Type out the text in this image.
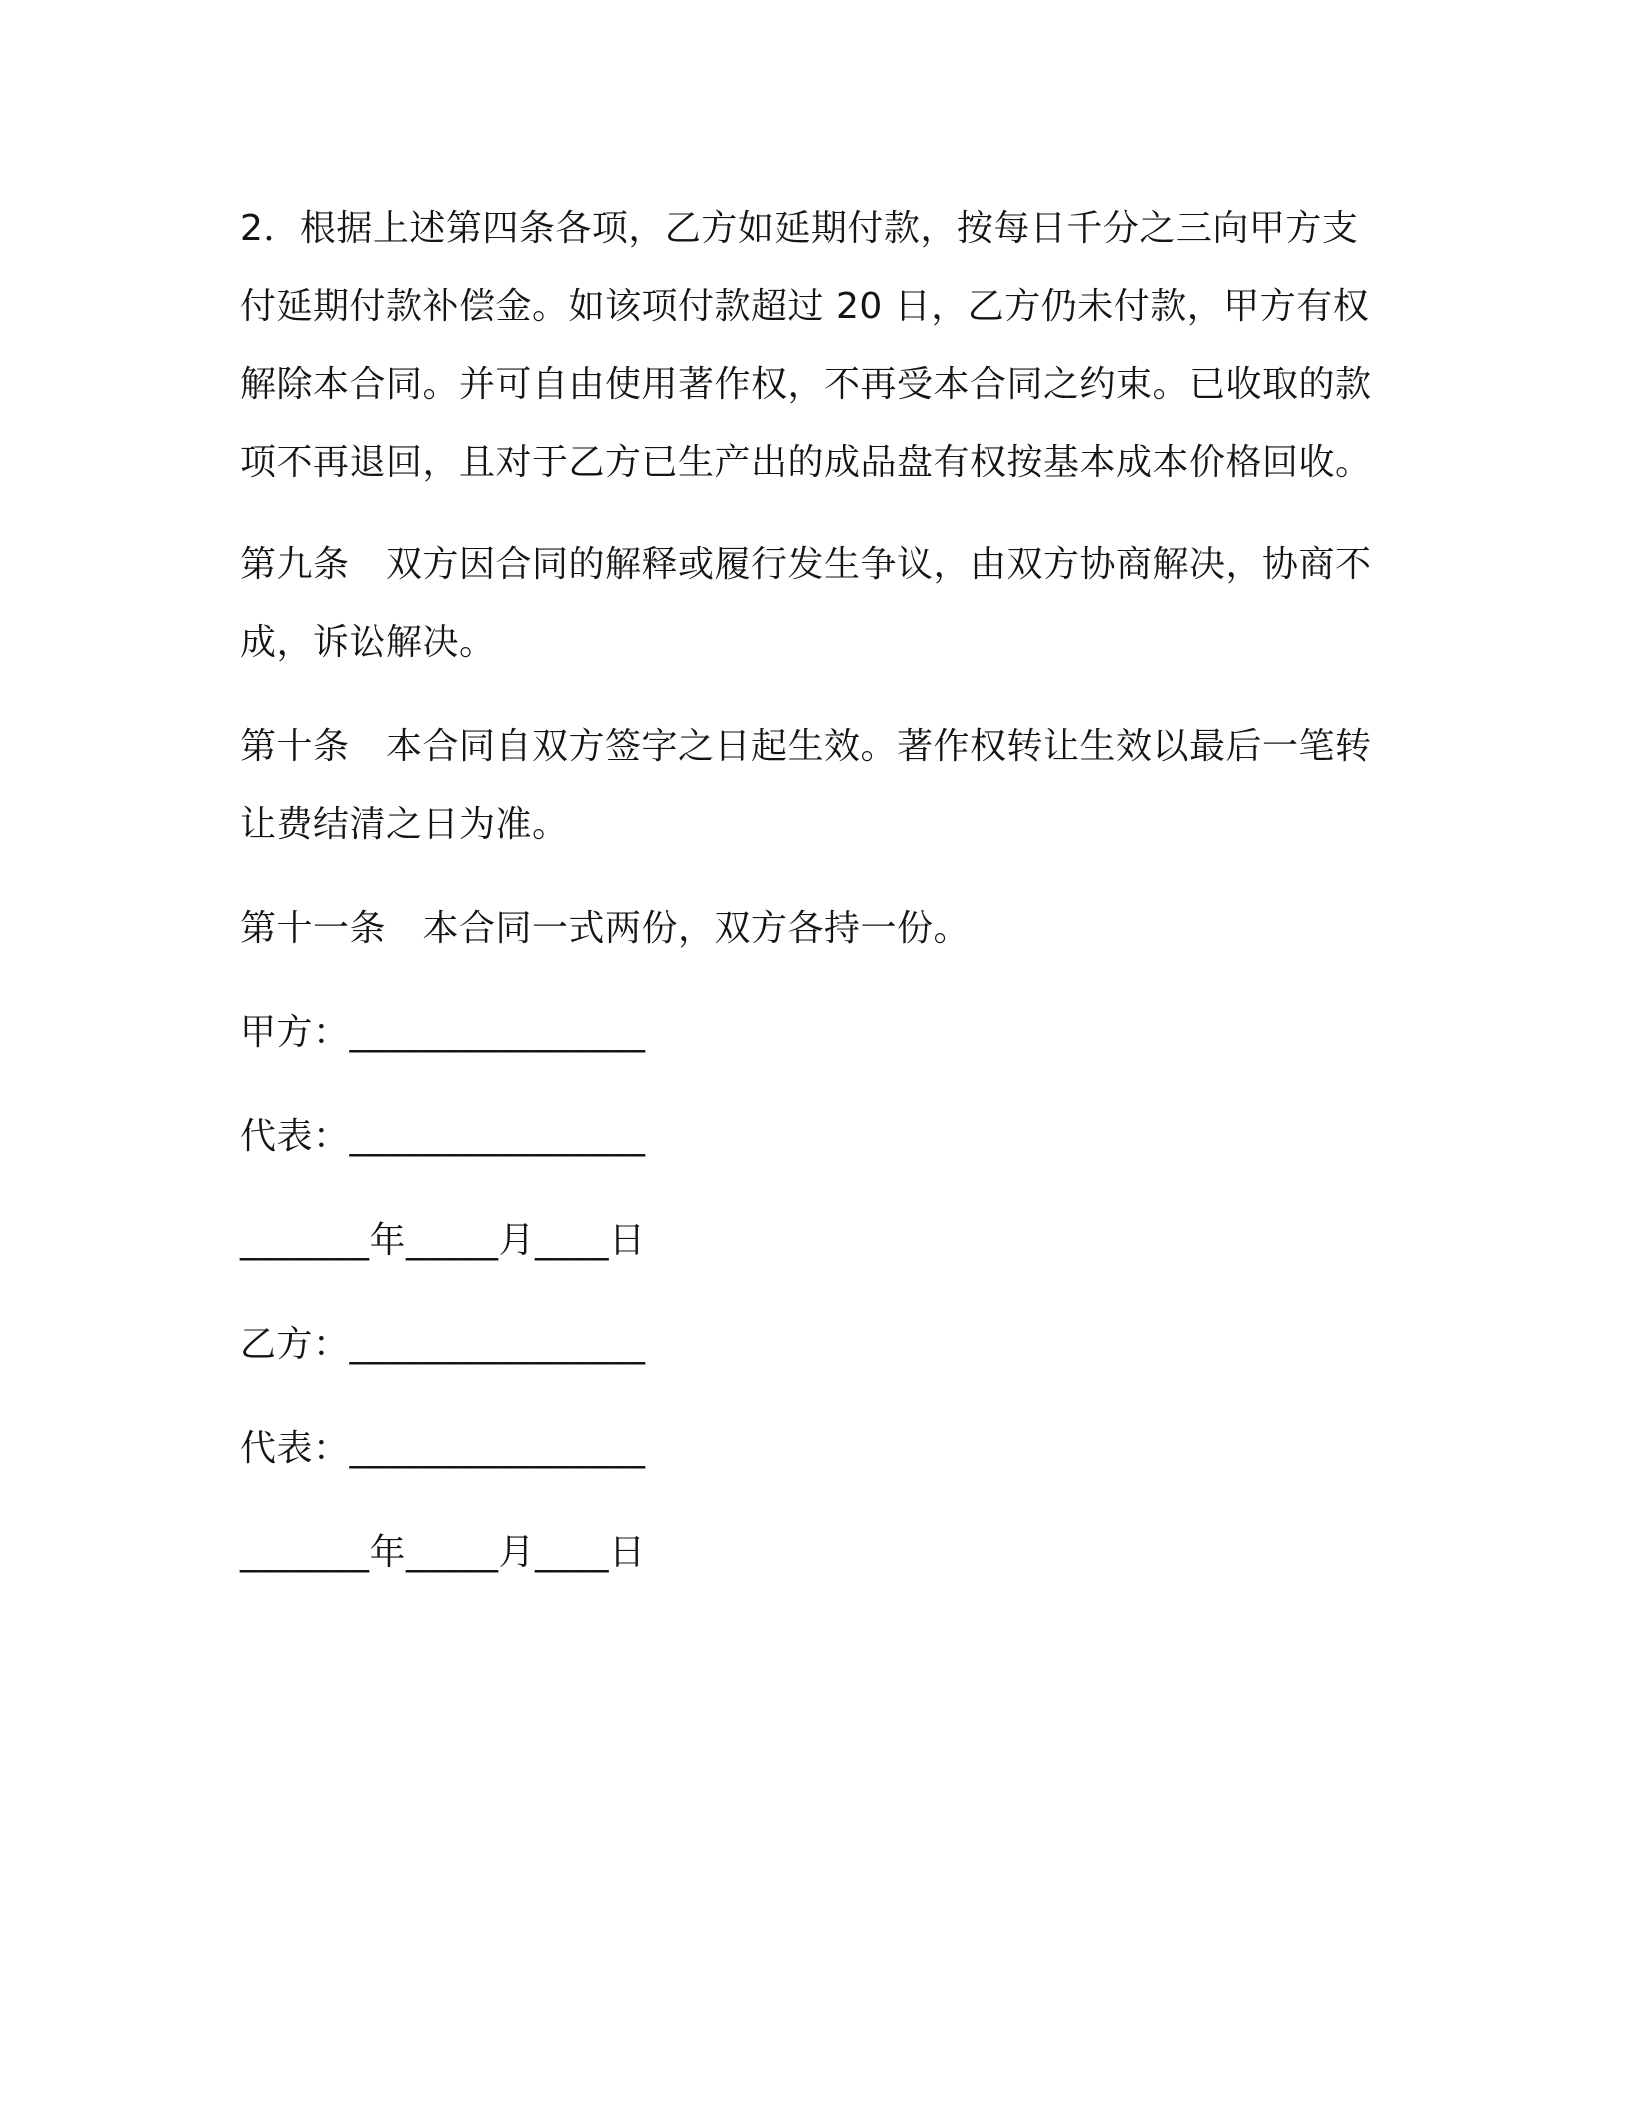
2．根据上述第四条各项，乙方如延期付款，按每日千分之三向甲方支付延期付款补偿金。如该项付款超过 20 日，乙方仍未付款，甲方有权解除本合同。并可自由使用著作权，不再受本合同之约束。已收取的款项不再退回，且对于乙方已生产出的成品盘有权按基本成本价格回收。

第九条　双方因合同的解释或履行发生争议，由双方协商解决，协商不成，诉讼解决。

第十条　本合同自双方签字之日起生效。著作权转让生效以最后一笔转让费结清之日为准。

第十一条　本合同一式两份，双方各持一份。

甲方：________________
代表：________________
_______年_____月____日
乙方：________________
代表：________________
_______年_____月____日
